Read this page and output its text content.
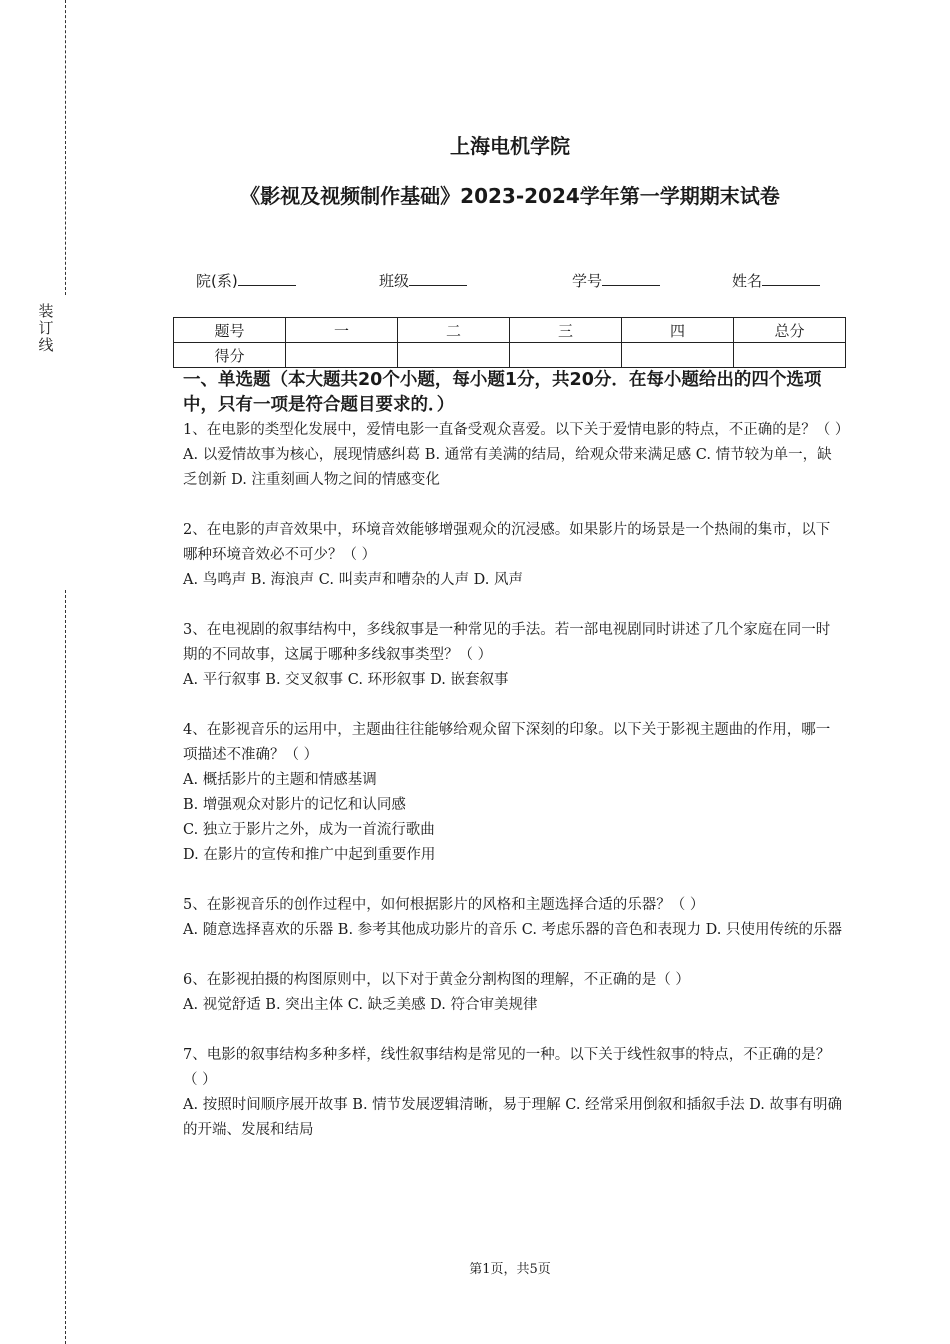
装订线
上海电机学院
《影视及视频制作基础》2023-2024学年第一学期期末试卷
院(系)	班级	学号	姓名
题号	一	二	三	四	总分
得分					
一、单选题（本大题共20个小题，每小题1分，共20分．在每小题给出的四个选项中，只有一项是符合题目要求的．）

1、在电影的类型化发展中，爱情电影一直备受观众喜爱。以下关于爱情电影的特点，不正确的是？（ ）

A. 以爱情故事为核心，展现情感纠葛 B. 通常有美满的结局，给观众带来满足感 C. 情节较为单一，缺乏创新 D. 注重刻画人物之间的情感变化

2、在电影的声音效果中，环境音效能够增强观众的沉浸感。如果影片的场景是一个热闹的集市，以下哪种环境音效必不可少？（ ）

A. 鸟鸣声 B. 海浪声 C. 叫卖声和嘈杂的人声 D. 风声

3、在电视剧的叙事结构中，多线叙事是一种常见的手法。若一部电视剧同时讲述了几个家庭在同一时期的不同故事，这属于哪种多线叙事类型？（ ）

A. 平行叙事 B. 交叉叙事 C. 环形叙事 D. 嵌套叙事

4、在影视音乐的运用中，主题曲往往能够给观众留下深刻的印象。以下关于影视主题曲的作用，哪一项描述不准确？（ ）

A. 概括影片的主题和情感基调

B. 增强观众对影片的记忆和认同感

C. 独立于影片之外，成为一首流行歌曲

D. 在影片的宣传和推广中起到重要作用

5、在影视音乐的创作过程中，如何根据影片的风格和主题选择合适的乐器？（ ）

A. 随意选择喜欢的乐器 B. 参考其他成功影片的音乐 C. 考虑乐器的音色和表现力 D. 只使用传统的乐器

6、在影视拍摄的构图原则中，以下对于黄金分割构图的理解，不正确的是（ ）

A. 视觉舒适 B. 突出主体 C. 缺乏美感 D. 符合审美规律

7、电影的叙事结构多种多样，线性叙事结构是常见的一种。以下关于线性叙事的特点，不正确的是？（ ）

A. 按照时间顺序展开故事 B. 情节发展逻辑清晰，易于理解 C. 经常采用倒叙和插叙手法 D. 故事有明确的开端、发展和结局

第1页，共5页
